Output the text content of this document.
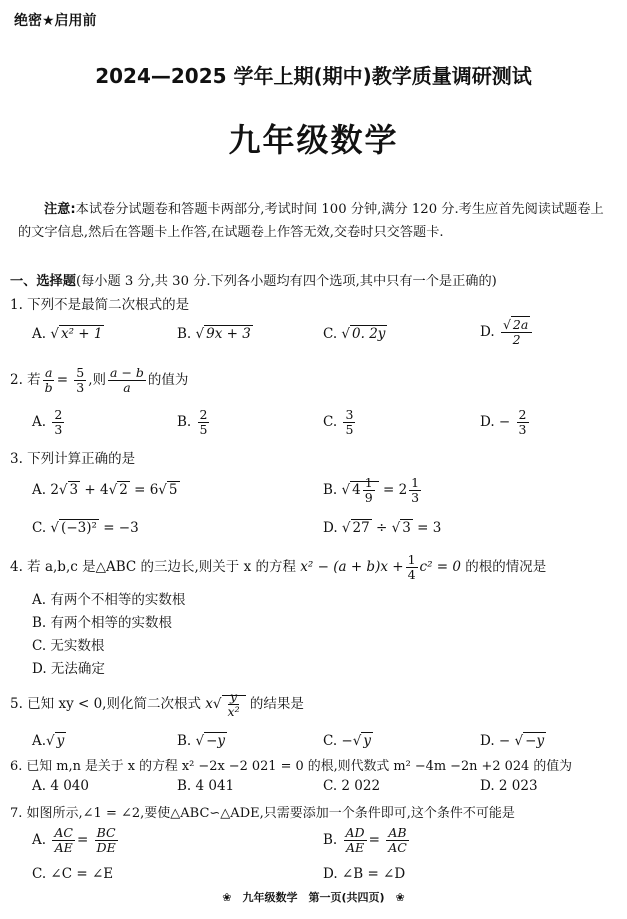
绝密★启用前
2024—2025 学年上期(期中)教学质量调研测试
九年级数学
注意:本试卷分试题卷和答题卡两部分,考试时间 100 分钟,满分 120 分.考生应首先阅读试题卷上的文字信息,然后在答题卡上作答,在试题卷上作答无效,交卷时只交答题卡.
一、选择题(每小题 3 分,共 30 分.下列各小题均有四个选项,其中只有一个是正确的)
1. 下列不是最简二次根式的是
A. √ x² + 1	B. √ 9x + 3	C. √ 0. 2y	D. $\frac{√ 2a}{2}$
2. 若 $\frac{a}{b} = \frac{5}{3}$ ,则 $\frac{a - b}{a}$ 的值为
A. $\frac{2}{3}$	B. $\frac{2}{5}$	C. $\frac{3}{5}$	D. − $\frac{2}{3}$
3. 下列计算正确的是
A. 2√ 3 + 4√ 2 = 6√ 5	B. √ $4 \frac{1}{9} = 2 \frac{1}{3}$
C. √ (−3)² = −3	D. √ 27 ÷ √ 3 = 3
4. 若 a,b,c 是△ABC 的三边长,则关于 x 的方程 $x^2 - (a + b)x + \frac{1}{4} c^2 = 0$ 的根的情况是
A. 有两个不相等的实数根
B. 有两个相等的实数根
C. 无实数根
D. 无法确定
5. 已知 xy < 0,则化简二次根式 $x√ \frac{y}{\text{x²}}$ 的结果是
A.√ y	B. √ −y	C. −√ y	D. − √ −y
6. 已知 m,n 是关于 x 的方程 x² −2x −2 021 = 0 的根,则代数式 m² −4m −2n +2 024 的值为
A. 4 040	B. 4 041	C. 2 022	D. 2 023
7. 如图所示,∠1 = ∠2,要使△ABC∽△ADE,只需要添加一个条件即可,这个条件不可能是
A. $\frac{AC}{AE} = \frac{BC}{DE}$	B. $\frac{AD}{AE} = \frac{AB}{AC}$
C. ∠C = ∠E	D. ∠B = ∠D
❀　 九年级数学　第一页(共四页)　 ❀
